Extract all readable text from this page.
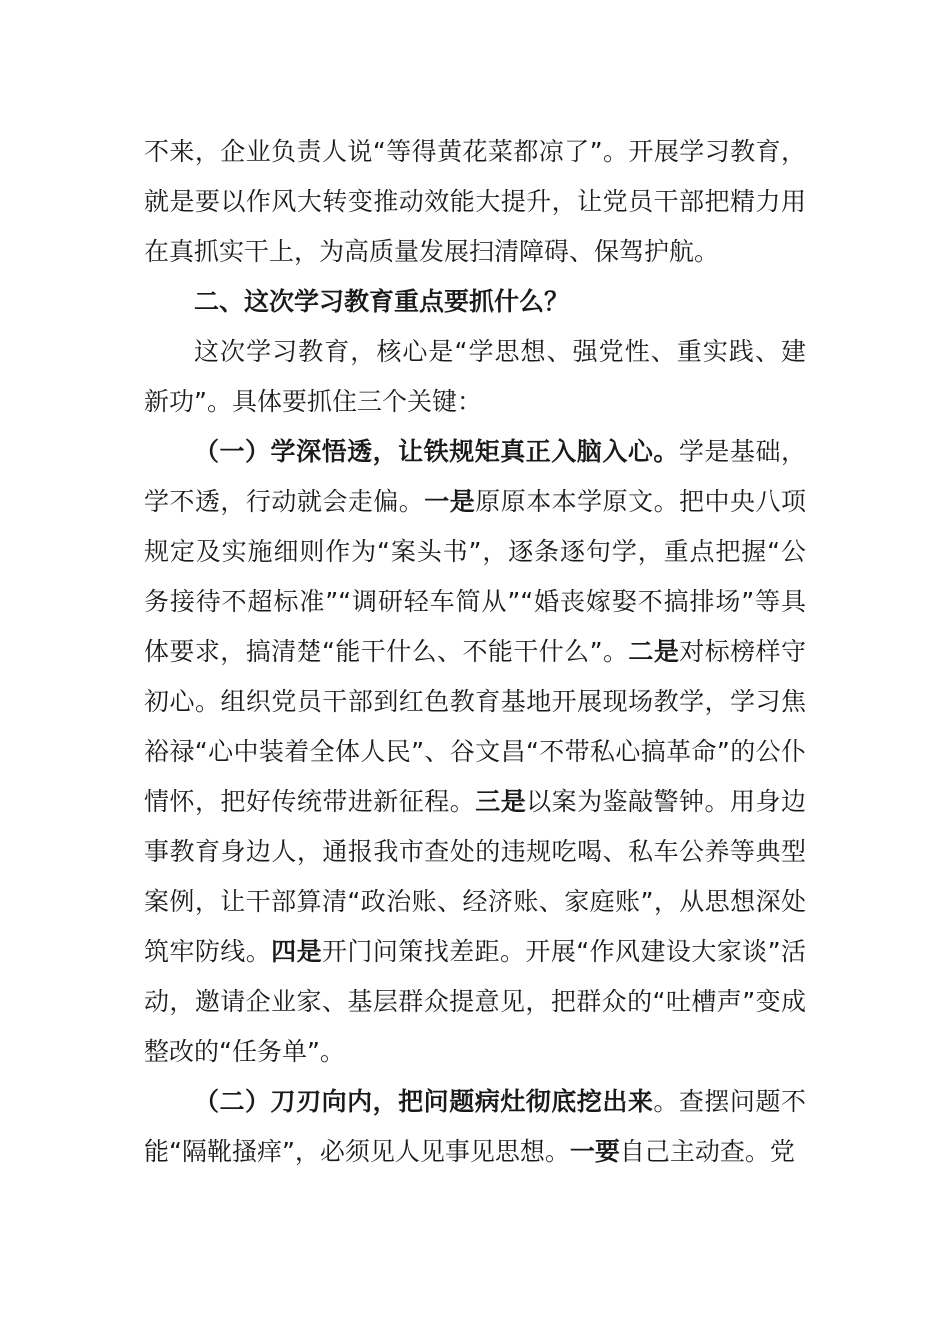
不来，企业负责人说“等得黄花菜都凉了”。开展学习教育，就是要以作风大转变推动效能大提升，让党员干部把精力用在真抓实干上，为高质量发展扫清障碍、保驾护航。

二、这次学习教育重点要抓什么？

这次学习教育，核心是“学思想、强党性、重实践、建新功”。具体要抓住三个关键：

（一）学深悟透，让铁规矩真正入脑入心。学是基础，学不透，行动就会走偏。一是原原本本学原文。把中央八项规定及实施细则作为“案头书”，逐条逐句学，重点把握“公务接待不超标准”“调研轻车简从”“婚丧嫁娶不搞排场”等具体要求，搞清楚“能干什么、不能干什么”。二是对标榜样守初心。组织党员干部到红色教育基地开展现场教学，学习焦裕禄“心中装着全体人民”、谷文昌“不带私心搞革命”的公仆情怀，把好传统带进新征程。三是以案为鉴敲警钟。用身边事教育身边人，通报我市查处的违规吃喝、私车公养等典型案例，让干部算清“政治账、经济账、家庭账”，从思想深处筑牢防线。四是开门问策找差距。开展“作风建设大家谈”活动，邀请企业家、基层群众提意见，把群众的“吐槽声”变成整改的“任务单”。

（二）刀刃向内，把问题病灶彻底挖出来。查摆问题不能“隔靴搔痒”，必须见人见事见思想。一要自己主动查。党
